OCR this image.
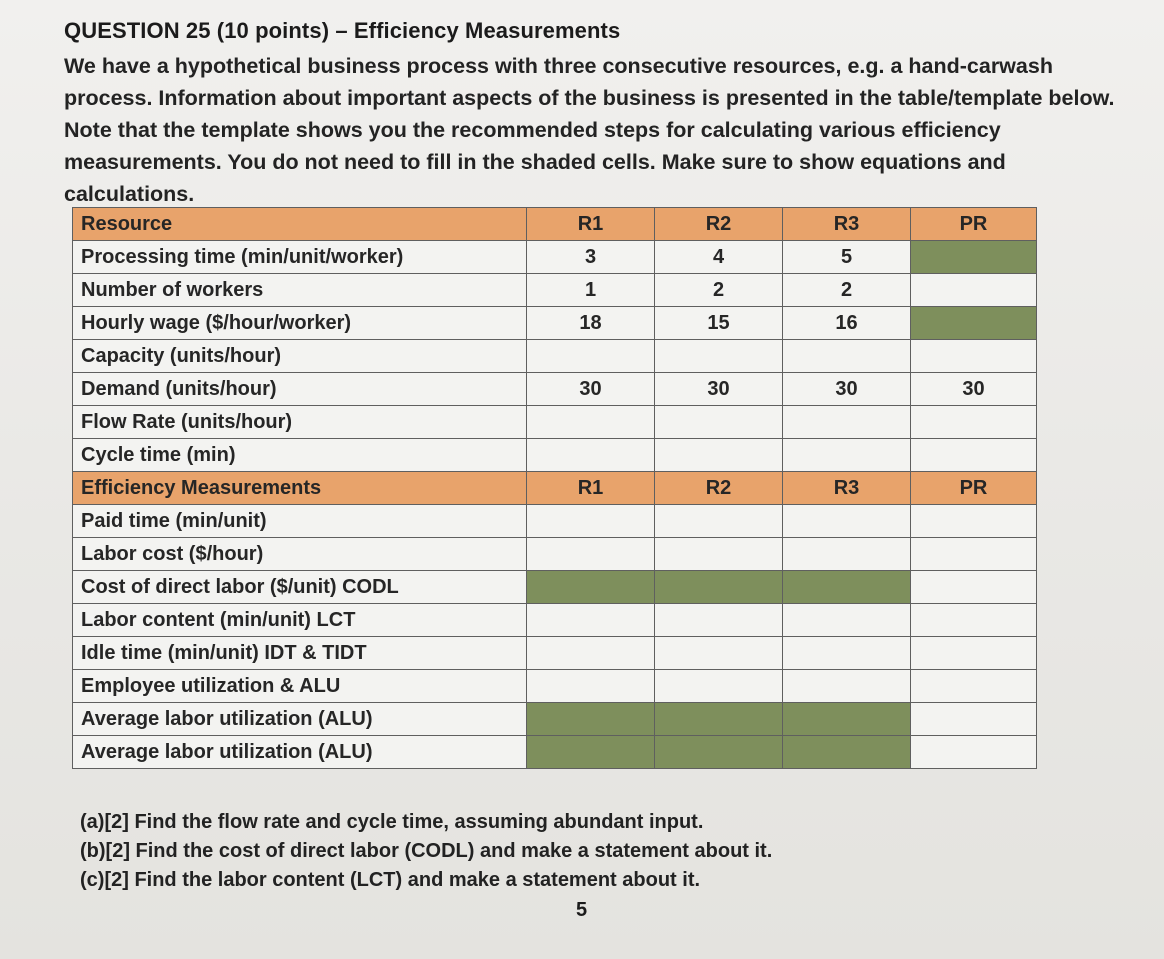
QUESTION 25 (10 points) – Efficiency Measurements
We have a hypothetical business process with three consecutive resources, e.g. a hand-carwash process. Information about important aspects of the business is presented in the table/template below. Note that the template shows you the recommended steps for calculating various efficiency measurements. You do not need to fill in the shaded cells. Make sure to show equations and calculations.
Resource	R1	R2	R3	PR
Processing time (min/unit/worker)	3	4	5	
Number of workers	1	2	2	
Hourly wage ($/hour/worker)	18	15	16	
Capacity (units/hour)				
Demand (units/hour)	30	30	30	30
Flow Rate (units/hour)				
Cycle time (min)				
Efficiency Measurements	R1	R2	R3	PR
Paid time (min/unit)				
Labor cost ($/hour)				
Cost of direct labor ($/unit) CODL				
Labor content (min/unit) LCT				
Idle time (min/unit) IDT & TIDT				
Employee utilization & ALU				
Average labor utilization (ALU)				
Average labor utilization (ALU)				
(a)[2] Find the flow rate and cycle time, assuming abundant input.
(b)[2] Find the cost of direct labor (CODL) and make a statement about it.
(c)[2] Find the labor content (LCT) and make a statement about it.
5
